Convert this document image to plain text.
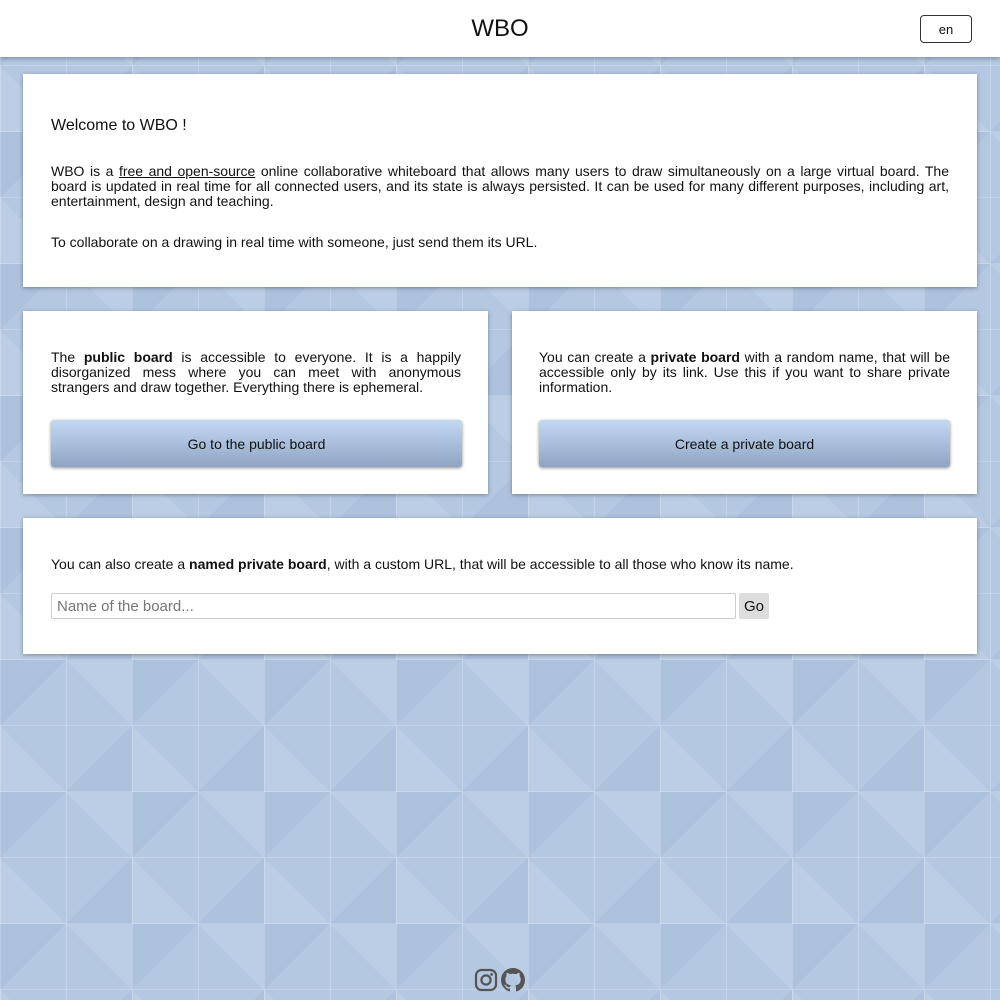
WBO	en
Welcome to WBO !

WBO is a free and open-source online collaborative whiteboard that allows many users to draw simultaneously on a large virtual board. The board is updated in real time for all connected users, and its state is always persisted. It can be used for many different purposes, including art, entertainment, design and teaching.

To collaborate on a drawing in real time with someone, just send them its URL.

The public board is accessible to everyone. It is a happily disorganized mess where you can meet with anonymous strangers and draw together. Everything there is ephemeral.

Go to the public board

You can create a private board with a random name, that will be accessible only by its link. Use this if you want to share private information.

Create a private board

You can also create a named private board, with a custom URL, that will be accessible to all those who know its name.

Name of the board...
Go
